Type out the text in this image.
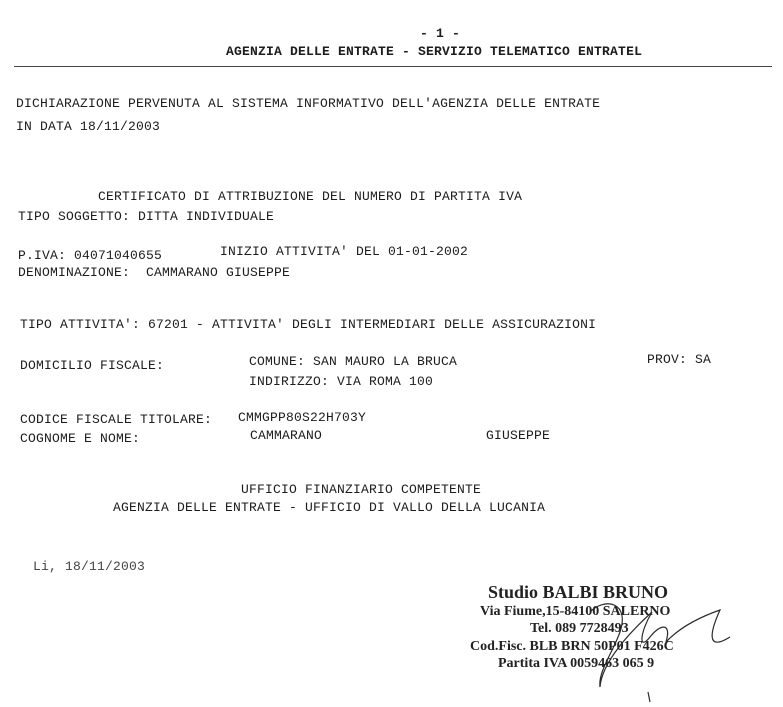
- 1 -
AGENZIA DELLE ENTRATE - SERVIZIO TELEMATICO ENTRATEL
DICHIARAZIONE PERVENUTA AL SISTEMA INFORMATIVO DELL'AGENZIA DELLE ENTRATE
IN DATA 18/11/2003
CERTIFICATO DI ATTRIBUZIONE DEL NUMERO DI PARTITA IVA
TIPO SOGGETTO: DITTA INDIVIDUALE
P.IVA: 04071040655	INIZIO ATTIVITA' DEL 01-01-2002
DENOMINAZIONE:  CAMMARANO GIUSEPPE
TIPO ATTIVITA': 67201 - ATTIVITA' DEGLI INTERMEDIARI DELLE ASSICURAZIONI
DOMICILIO FISCALE:	COMUNE: SAN MAURO LA BRUCA	PROV: SA
INDIRIZZO: VIA ROMA 100
CODICE FISCALE TITOLARE: CMMGPP80S22H703Y
COGNOME E NOME:	CAMMARANO	GIUSEPPE
UFFICIO FINANZIARIO COMPETENTE
AGENZIA DELLE ENTRATE - UFFICIO DI VALLO DELLA LUCANIA
Li, 18/11/2003
Studio BALBI BRUNO
Via Fiume,15-84100 SALERNO
Tel. 089 7728493
Cod.Fisc. BLB BRN 50P01 F426C
Partita IVA 0059463 065 9
